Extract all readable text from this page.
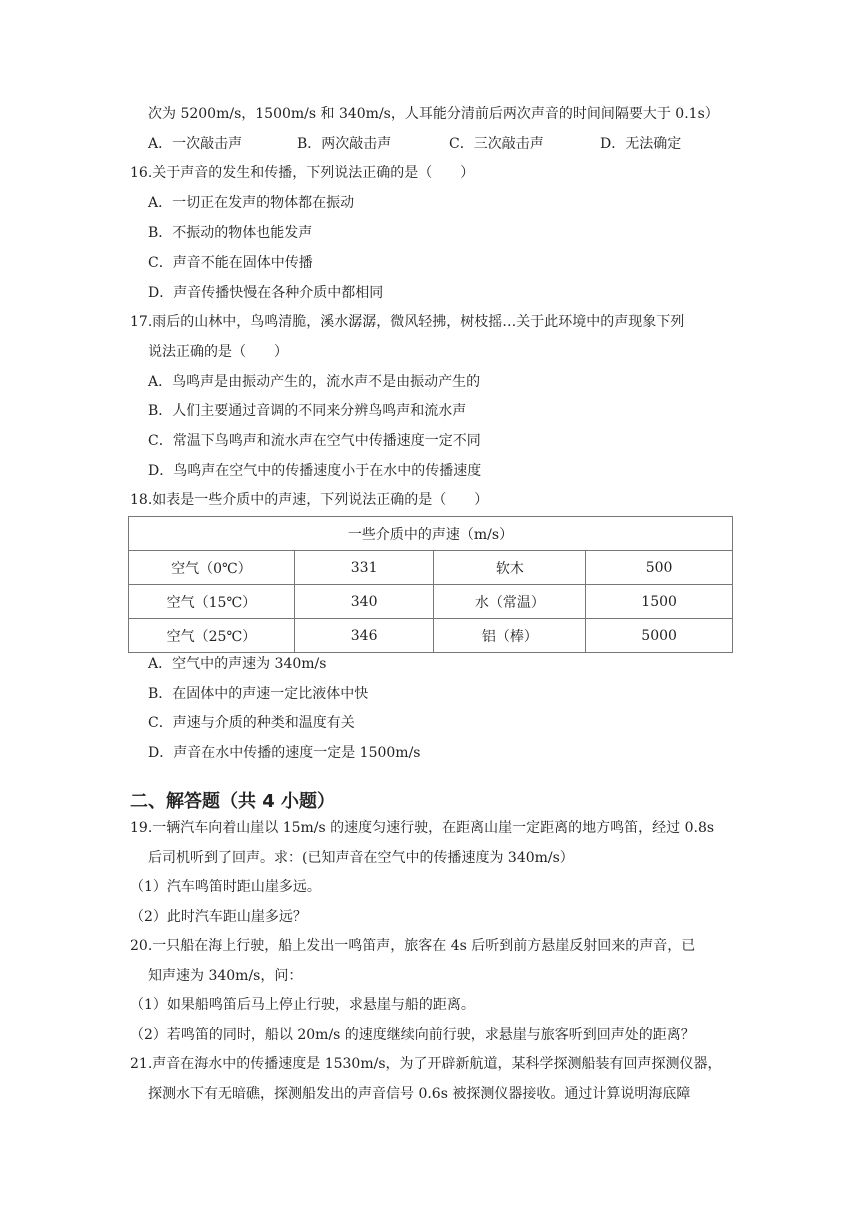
次为 5200m/s，1500m/s 和 340m/s，人耳能分清前后两次声音的时间间隔要大于 0.1s）
A．一次敲击声	B．两次敲击声	C．三次敲击声	D．无法确定
16.关于声音的发生和传播，下列说法正确的是（　　）
A．一切正在发声的物体都在振动
B．不振动的物体也能发声
C．声音不能在固体中传播
D．声音传播快慢在各种介质中都相同
17.雨后的山林中，鸟鸣清脆，溪水潺潺，微风轻拂，树枝摇…关于此环境中的声现象下列
说法正确的是（　　）
A．鸟鸣声是由振动产生的，流水声不是由振动产生的
B．人们主要通过音调的不同来分辨鸟鸣声和流水声
C．常温下鸟鸣声和流水声在空气中传播速度一定不同
D．鸟鸣声在空气中的传播速度小于在水中的传播速度
18.如表是一些介质中的声速，下列说法正确的是（　　）
一些介质中的声速（m/s）			
空气（0℃）	331	软木	500
空气（15℃）	340	水（常温）	1500
空气（25℃）	346	铝（棒）	5000
A．空气中的声速为 340m/s
B．在固体中的声速一定比液体中快
C．声速与介质的种类和温度有关
D．声音在水中传播的速度一定是 1500m/s
二、解答题（共 4 小题）
19.一辆汽车向着山崖以 15m/s 的速度匀速行驶，在距离山崖一定距离的地方鸣笛，经过 0.8s
后司机听到了回声。求：(已知声音在空气中的传播速度为 340m/s）
（1）汽车鸣笛时距山崖多远。
（2）此时汽车距山崖多远？
20.一只船在海上行驶，船上发出一鸣笛声，旅客在 4s 后听到前方悬崖反射回来的声音，已
知声速为 340m/s，问：
（1）如果船鸣笛后马上停止行驶，求悬崖与船的距离。
（2）若鸣笛的同时，船以 20m/s 的速度继续向前行驶，求悬崖与旅客听到回声处的距离？
21.声音在海水中的传播速度是 1530m/s，为了开辟新航道，某科学探测船装有回声探测仪器，
探测水下有无暗礁，探测船发出的声音信号 0.6s 被探测仪器接收。通过计算说明海底障
